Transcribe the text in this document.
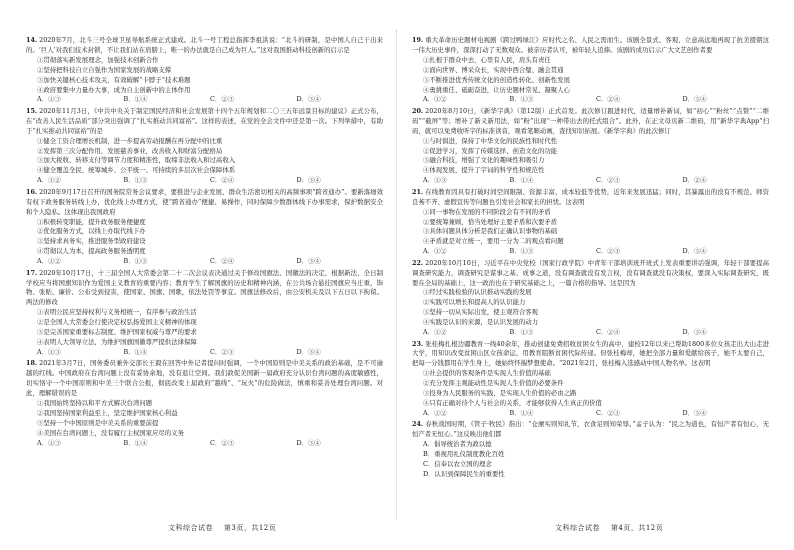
14. 2020年7月，北斗三号全球卫星导航系统正式建成。北斗一号工程总指挥李祖洪说：“北斗的研制，是中国人自己干出来的。‘巨人’对我们技术封锁，不让我们站在肩膀上，唯一的办法就是自己成为巨人。”这对我国推动科技创新的启示是
①贯彻落实新发展理念，加强技术创新合作
②坚持把科技自立自强作为国家发展的战略支撑
③加快关键核心技术攻关，有效破解“卡脖子”技术难题
④政府要集中力量办大事，成为自主创新中的主体作用
A．①③	B．①④	C．②③	D．③④
15. 2020年11月3日，《中共中央关于制定国民经济和社会发展第十四个五年规划和二〇三五年远景目标的建议》正式公布，在“改善人民生活品质”部分突出强调了“扎实推动共同富裕”。这样的表述，在党的全会文件中还是第一次。下列举措中，有助于“扎实推动共同富裕”的是
①健全工资合理增长机制，进一步提高劳动报酬在再分配中的比重
②发挥第三次分配作用，发展慈善事业，改善收入和财富分配格局
③加大税收、转移支付等调节力度和精准性，取缔非法收入和过高收入
④健全覆盖全民、统筹城乡、公平统一、可持续的多层次社会保障体系
A．①②	B．①③	C．②④	D．③④
16. 2020年9月17日召开的国务院常务会议要求，要推进与企业发展、群众生活密切相关的高频事项“跨省通办”。要新落细效有权下政务服务转线上办，优化线上办理方式，使“跨省通办”便捷、易操作，同时保障少数群体线下办事需求，保护数据安全和个人隐私。这体现出我国政府
①积极转变职能，提升政务服务便捷度
②优化服务方式，以线上办取代线下办
③坚持求真务实，推进服务型政府建设
④贯彻以人为本，提高政务服务透明度
A．①②	B．①③	C．②④	D．③④
17. 2020年10月17日，十三届全国人大常委会第二十二次会议表决通过关于修改国旗法、国徽法的决定，根据新法，全日制学校应当将国旗知识作为爱国主义教育的重要内容；教育学生了解国旗的历史和精神内涵、在公共场合悬挂国旗应当庄重，饰物、张贴、廉价、公布受到侵害，使国家、国旗、国歌，依法处罚等事宜。国旗法修改后，由公安机关及以下五日以下拘留。两法的修改
①表明公民应坚持权利与义务相统一，有序参与政治生活
②是全国人大常委会行使决定权弘扬爱国主义精神的体现
③是完善国家重要标志制度、维护国家权威与尊严的要求
④表明人大领导立法，为维护国旗国徽尊严提供法律保障
A．①③	B．①④	C．②③	D．③④
18. 2021年3月7日，国务委员兼外交部长王毅在回答中外记者提问时强调，一个中国原则是中美关系的政治基础，是不可逾越的红线。中国政府在台湾问题上没有妥协余地，没有退让空间。我们敦促美国新一届政府充分认识台湾问题的高度敏感性，切实恪守一个中国原则和中美三个联合公报，彻底改变上届政府“越线”、“玩火”的危险做法，慎重和妥善处理台湾问题。对此，理解错误的是
①我国始终坚持以和平方式解决台湾问题
②我国坚持国家利益至上，坚定维护国家核心利益
③坚持一个中国原则是中美关系的重要前提
④美国在台湾问题上，没有履行主权国家应尽的义务
A．①③	B．①④	C．②③	D．③④
19. 重大革命历史题材电视剧《跨过鸭绿江》应时代之名、人民之需而生。该剧全景式、客观、立意高远地再现了抗美援朝这一伟大历史事件，深深打动了无数观众。被亲历者认可，被年轻人追捧。该剧的成功启示广大文艺创作者要
①扎根于群众中去，心里有人民，肩头有责任
②面向世界、博采众长，实现中西合璧、融会贯通
③不断推进优秀传统文化的创造性转化、创新性发展
④勇挑重任、砥砺奋进，让历史题材常见、凝聚人心
A．①②	B．①③	C．②④	D．③④
20. 2020年8月10日，《新华字典》（第12版）正式首发。此次修订跟进时代，适量增补新词，如“初心”“粉丝”“点赞”“二维码”“截屏”等；增补了新义新用法，如“粉”出现“一种带出去的托式组合”。此外，在正文母页新二维码，用“新华字典App”扫码，就可以免费收听字的标准读音，观看笔顺动画，查找知识拓展。《新华字典》的此次修订
①与时俱进，保持了中华文化的民族性和时代性
②促进学习，发挥了传媒选择、创造文化的功能
③融合科技，增强了文化的趣味性和吸引力
④体现发展，提升了字词的科学性和规范性
A．①③	B．①④	C．②③	D．②④
21. 在线教育因具有打破时间空间限制、资源丰富、成本较低等优势，近年来发展迅猛；同时，其暴露出的没有不规范、师资良莠不齐、虚假宣传等问题也引发社会和家长的担忧。这表明
①同一事物在发展的不同阶段会有不同的矛盾
②要统筹兼顾，恰当处理好主要矛盾和次要矛盾
③具体问题具体分析是我们正确认识事物的基础
④矛盾就是对立统一，要用一分为二的观点看问题
A．①②	B．①③	C．②③	D．③④
22. 2020年10月10日，习近平在中央党校（国家行政学院）中青年干部培训班开班式上发表重要讲话强调，年轻干部要提高调查研究能力，调查研究是谋事之基、成事之道，没有调查就没有发言权，没有调查就没有决策权，要深入实际调查研究，既要在全局的基础上，这一政治也在于研究基础之上，一篇合格的指导。这是因为
①经过实践检验的认识推动实践的发展
②实践可以增长和提高人的认识能力
③坚持一切从实际出发，使主观符合客观
④实践是认识的来源，是认识发展的动力
A．①②	B．①③	C．②④	D．③④
23. 张桂梅扎根边疆教育一线40余年，推动创建免费招收贫困女生的高中，建校12年以来已帮助1800多位女孩走出大山走进大学，用知识改变贫困山区女孩命运，用教育阻断贫困代际传递。但张桂梅却，她把全部力量和爱献给孩子，她不太要自己，把每一分钱都用在学生身上，她始终怀揣梦想使命。“2021年2月，张桂梅入选感动中国人物名单。这表明
①社会提供的客观条件是实现人生价值的基础
②充分发挥主观能动性是实现人生价值的必要条件
③投身为人民服务的实践，是实现人生价值的必由之路
④只有正确对待个人与社会的关系，才能够获得人生真正的价值
A．①②	B．①④	C．②③	D．③④
24. 春秋战国时期，《管子·牧民》指出：“仓廪实则知礼节，衣食足则知荣辱。”孟子认为：“民之为道也，有恒产者有恒心，无恒产者无恒心。”这反映出他们都
A．倡导统治者为政以德
B．重视用礼仪制度教化百姓
C．信奉以农立国的理念
D．认识到保障民生的重要性
文科综合试卷    第3页，共12页	文科综合试卷    第4页，共12页
